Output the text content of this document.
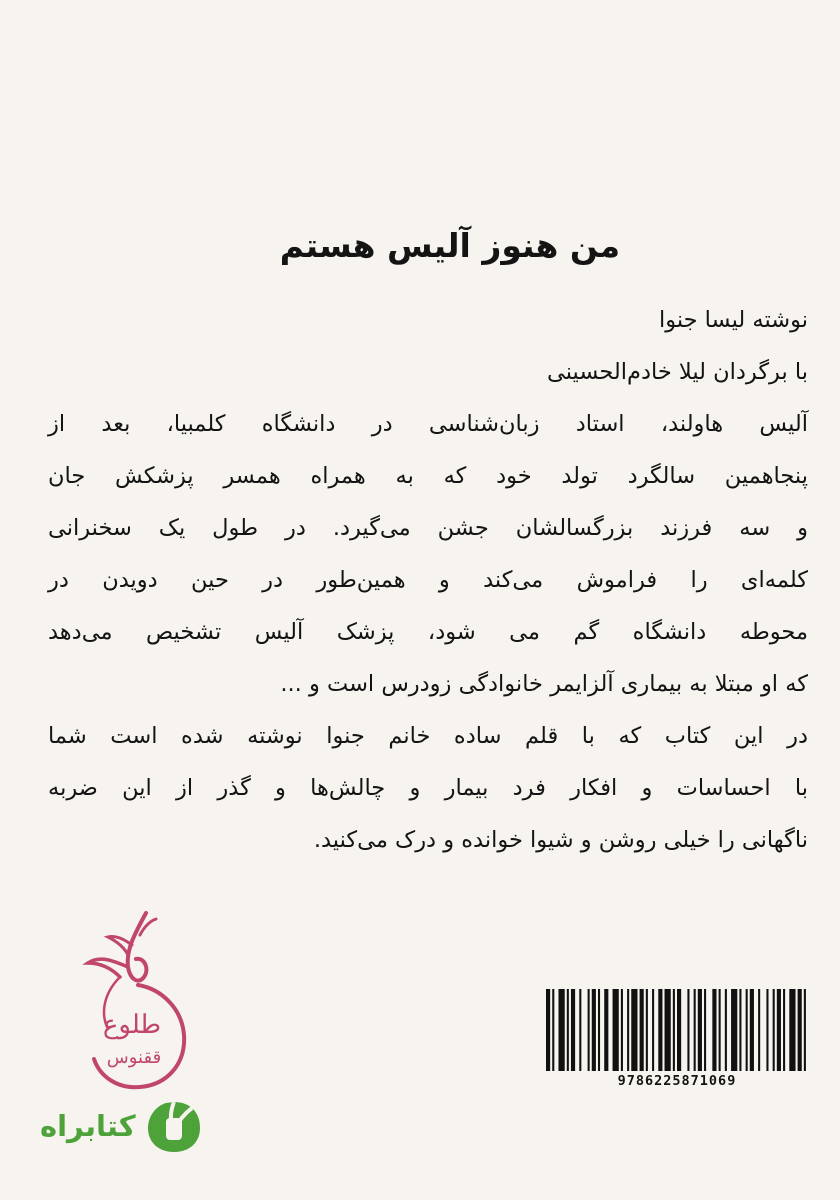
من هنوز آلیس هستم
نوشته لیسا جنوا
با برگردان لیلا خادم‌الحسینی
آلیس هاولند، استاد زبان‌شناسی در دانشگاه کلمبیا، بعد از
پنجاهمین سالگرد تولد خود که به همراه همسر پزشکش جان
و سه فرزند بزرگسالشان جشن می‌گیرد. در طول یک سخنرانی
کلمه‌ای را فراموش می‌کند و همین‌طور در حین دویدن در
محوطه دانشگاه گم می شود، پزشک آلیس تشخیص می‌دهد
که او مبتلا به بیماری آلزایمر خانوادگی زودرس است و ...
در این کتاب که با قلم ساده خانم جنوا نوشته شده است شما
با احساسات و افکار فرد بیمار و چالش‌ها و گذر از این ضربه
ناگهانی را خیلی روشن و شیوا خوانده و درک می‌کنید.
طلوع
ققنوس
9786225871069
کتابراه
